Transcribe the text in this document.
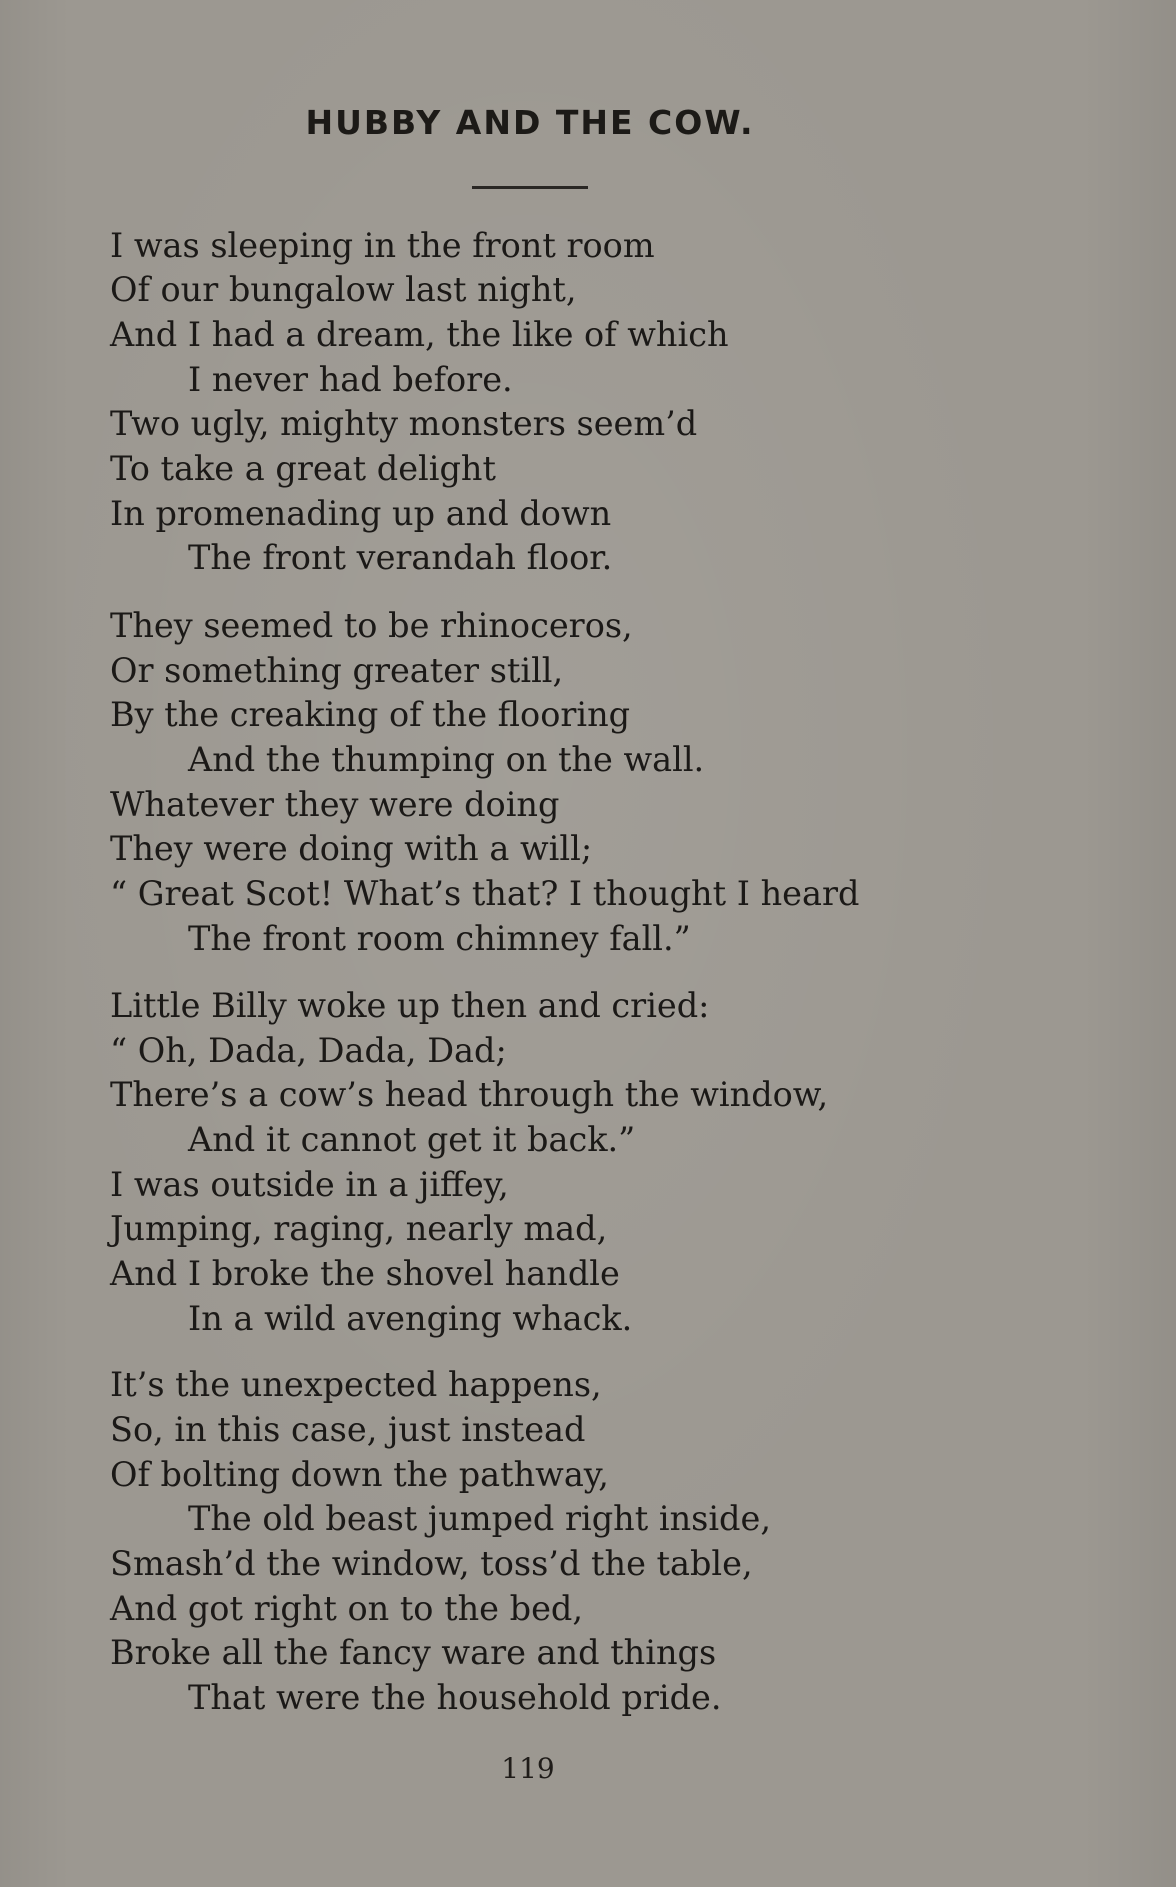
HUBBY AND THE COW.
I was sleeping in the front room
Of our bungalow last night,
And I had a dream, the like of which
I never had before.
Two ugly, mighty monsters seem’d
To take a great delight
In promenading up and down
The front verandah floor.
They seemed to be rhinoceros,
Or something greater still,
By the creaking of the flooring
And the thumping on the wall.
Whatever they were doing
They were doing with a will;
“ Great Scot! What’s that? I thought I heard
The front room chimney fall.”
Little Billy woke up then and cried:
“ Oh, Dada, Dada, Dad;
There’s a cow’s head through the window,
And it cannot get it back.”
I was outside in a jiffey,
Jumping, raging, nearly mad,
And I broke the shovel handle
In a wild avenging whack.
It’s the unexpected happens,
So, in this case, just instead
Of bolting down the pathway,
The old beast jumped right inside,
Smash’d the window, toss’d the table,
And got right on to the bed,
Broke all the fancy ware and things
That were the household pride.
119
